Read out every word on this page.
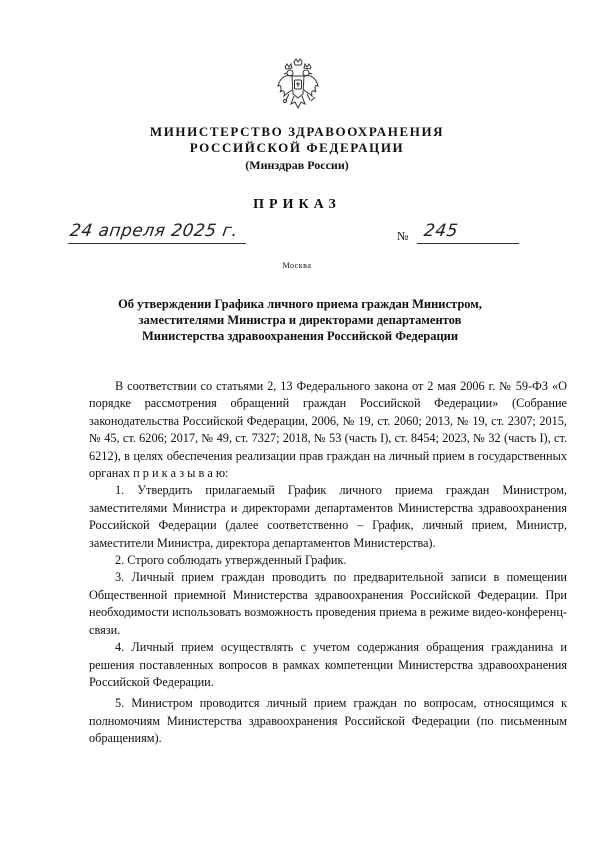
МИНИСТЕРСТВО ЗДРАВООХРАНЕНИЯ
РОССИЙСКОЙ ФЕДЕРАЦИИ
(Минздрав России)
ПРИКАЗ
24 апреля 2025 г.	№ 245
Москва
Об утверждении Графика личного приема граждан Министром,
заместителями Министра и директорами департаментов
Министерства здравоохранения Российской Федерации

В соответствии со статьями 2, 13 Федерального закона от 2 мая 2006 г. № 59-ФЗ «О порядке рассмотрения обращений граждан Российской Федерации» (Собрание законодательства Российской Федерации, 2006, № 19, ст. 2060; 2013, № 19, ст. 2307; 2015, № 45, ст. 6206; 2017, № 49, ст. 7327; 2018, № 53 (часть I), ст. 8454; 2023, № 32 (часть I), ст. 6212), в целях обеспечения реализации прав граждан на личный прием в государственных органах п р и к а з ы в а ю:

1. Утвердить прилагаемый График личного приема граждан Министром, заместителями Министра и директорами департаментов Министерства здравоохранения Российской Федерации (далее соответственно – График, личный прием, Министр, заместители Министра, директора департаментов Министерства).

2. Строго соблюдать утвержденный График.

3. Личный прием граждан проводить по предварительной записи в помещении Общественной приемной Министерства здравоохранения Российской Федерации. При необходимости использовать возможность проведения приема в режиме видео-конференц-связи.

4. Личный прием осуществлять с учетом содержания обращения гражданина и решения поставленных вопросов в рамках компетенции Министерства здравоохранения Российской Федерации.

5. Министром проводится личный прием граждан по вопросам, относящимся к полномочиям Министерства здравоохранения Российской Федерации (по письменным обращениям).
